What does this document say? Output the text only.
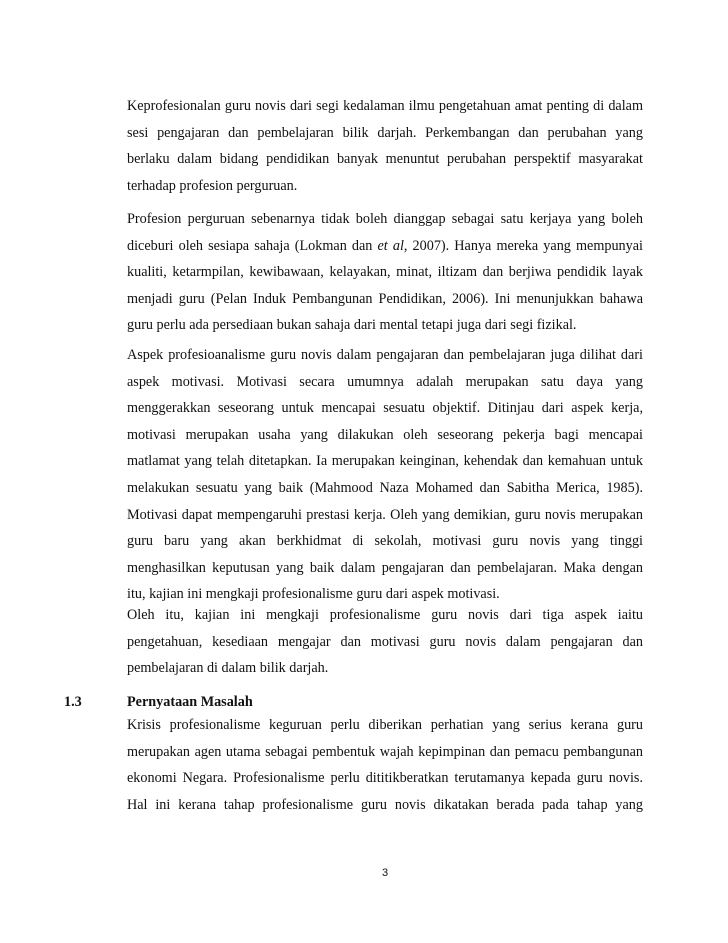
Keprofesionalan guru novis dari segi kedalaman ilmu pengetahuan amat penting di dalam
sesi pengajaran dan pembelajaran bilik darjah. Perkembangan dan perubahan yang
berlaku dalam bidang pendidikan banyak menuntut perubahan perspektif masyarakat
terhadap profesion perguruan.
Profesion perguruan sebenarnya tidak boleh dianggap sebagai satu kerjaya yang boleh
diceburi oleh sesiapa sahaja (Lokman dan et al, 2007). Hanya mereka yang mempunyai
kualiti, ketarmpilan, kewibawaan, kelayakan, minat, iltizam dan berjiwa pendidik layak
menjadi guru (Pelan Induk Pembangunan Pendidikan, 2006). Ini menunjukkan bahawa
guru perlu ada persediaan bukan sahaja dari mental tetapi juga dari segi fizikal.
Aspek profesioanalisme guru novis dalam pengajaran dan pembelajaran juga dilihat dari
aspek motivasi. Motivasi secara umumnya adalah merupakan satu daya yang
menggerakkan seseorang untuk mencapai sesuatu objektif. Ditinjau dari aspek kerja,
motivasi merupakan usaha yang dilakukan oleh seseorang pekerja bagi mencapai
matlamat yang telah ditetapkan. Ia merupakan keinginan, kehendak dan kemahuan untuk
melakukan sesuatu yang baik (Mahmood Naza Mohamed dan Sabitha Merica, 1985).
Motivasi dapat mempengaruhi prestasi kerja. Oleh yang demikian, guru novis merupakan
guru baru yang akan berkhidmat di sekolah, motivasi guru novis yang tinggi
menghasilkan keputusan yang baik dalam pengajaran dan pembelajaran. Maka dengan
itu, kajian ini mengkaji profesionalisme guru dari aspek motivasi.
Oleh itu, kajian ini mengkaji profesionalisme guru novis dari tiga aspek iaitu
pengetahuan, kesediaan mengajar dan motivasi guru novis dalam pengajaran dan
pembelajaran di dalam bilik darjah.
1.3	Pernyataan Masalah
Krisis profesionalisme keguruan perlu diberikan perhatian yang serius kerana guru
merupakan agen utama sebagai pembentuk wajah kepimpinan dan pemacu pembangunan
ekonomi Negara. Profesionalisme perlu dititikberatkan terutamanya kepada guru novis.
Hal ini kerana tahap profesionalisme guru novis dikatakan berada pada tahap yang
3
